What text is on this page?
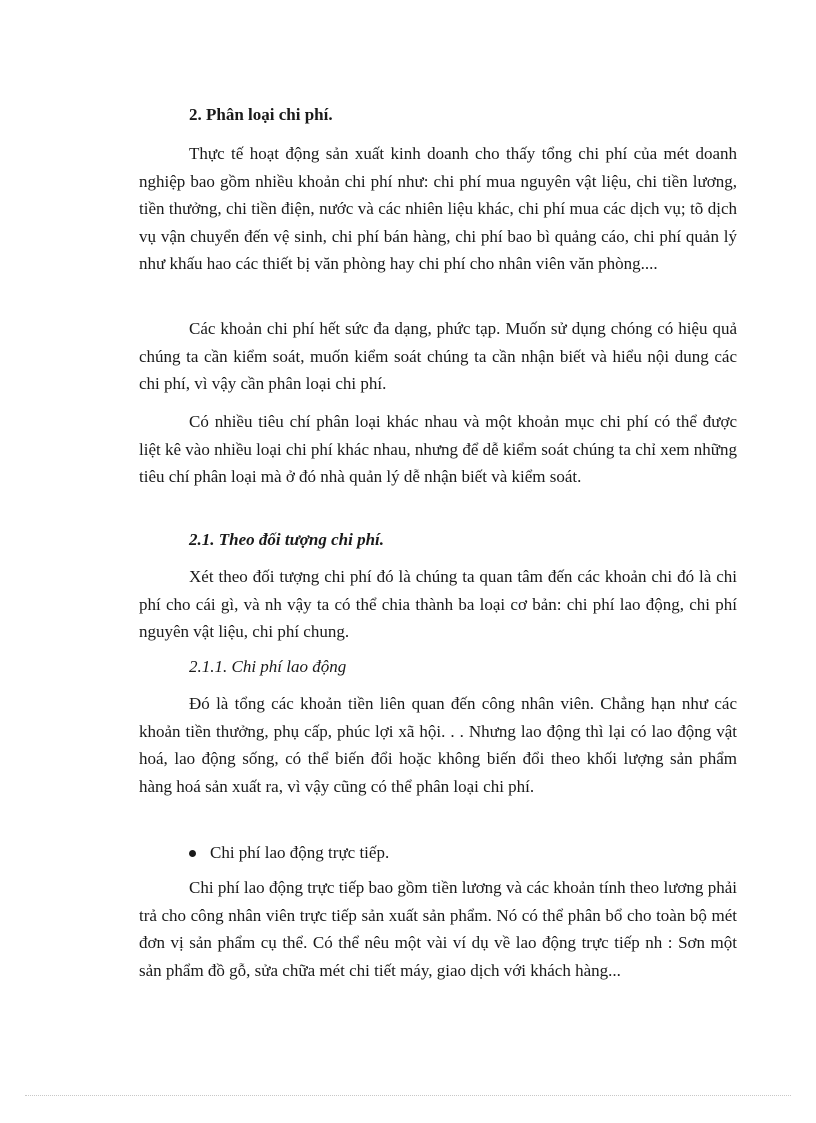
2. Phân loại chi phí.

Thực tế hoạt động sản xuất kinh doanh cho thấy tổng chi phí của mét doanh nghiệp bao gồm nhiều khoản chi phí như: chi phí mua nguyên vật liệu, chi tiền lương, tiền thưởng, chi tiền điện, nước và các nhiên liệu khác, chi phí mua các dịch vụ; tõ dịch vụ vận chuyển đến vệ sinh, chi phí bán hàng, chi phí bao bì quảng cáo, chi phí quản lý như khấu hao các thiết bị văn phòng hay chi phí cho nhân viên văn phòng....

Các khoản chi phí hết sức đa dạng, phức tạp. Muốn sử dụng chóng có hiệu quả chúng ta cần kiểm soát, muốn kiểm soát chúng ta cần nhận biết và hiểu nội dung các chi phí, vì vậy cần phân loại chi phí.

Có nhiều tiêu chí phân loại khác nhau và một khoản mục chi phí có thể được liệt kê vào nhiều loại chi phí khác nhau, nhưng để dễ kiểm soát chúng ta chỉ xem những tiêu chí phân loại mà ở đó nhà quản lý dễ nhận biết và kiểm soát.

2.1. Theo đối tượng chi phí.

Xét theo đối tượng chi phí đó là chúng ta quan tâm đến các khoản chi đó là chi phí cho cái gì, và nh vậy ta có thể chia thành ba loại cơ bản: chi phí lao động, chi phí nguyên vật liệu, chi phí chung.

2.1.1. Chi phí lao động

Đó là tổng các khoản tiền liên quan đến công nhân viên. Chẳng hạn như các khoản tiền thưởng, phụ cấp, phúc lợi xã hội. . . Nhưng lao động thì lại có lao động vật hoá, lao động sống, có thể biến đổi hoặc không biến đổi theo khối lượng sản phẩm hàng hoá sản xuất ra, vì vậy cũng có thể phân loại chi phí.

Chi phí lao động trực tiếp.

Chi phí lao động trực tiếp bao gồm tiền lương và các khoản tính theo lương phải trả cho công nhân viên trực tiếp sản xuất sản phẩm. Nó có thể phân bổ cho toàn bộ mét đơn vị sản phẩm cụ thể. Có thể nêu một vài ví dụ về lao động trực tiếp nh : Sơn một sản phẩm đồ gỗ, sửa chữa mét chi tiết máy, giao dịch với khách hàng...
